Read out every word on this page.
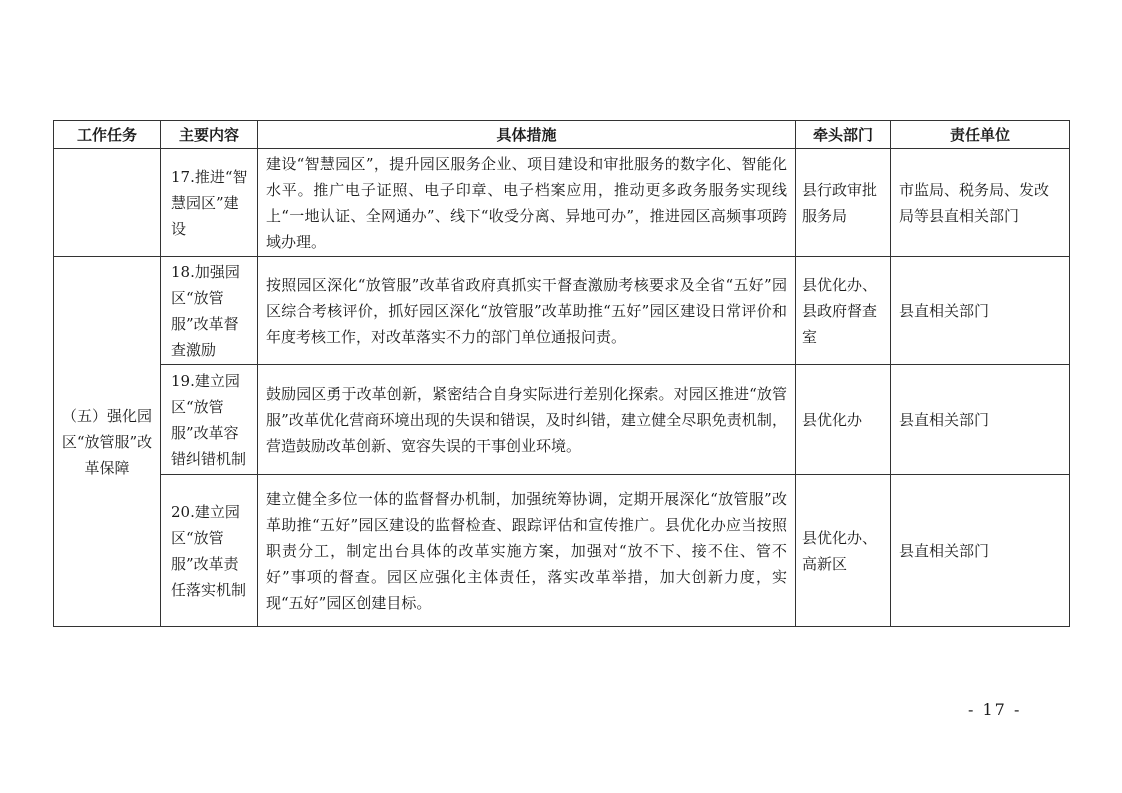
工作任务	主要内容	具体措施	牵头部门	责任单位
	17.推进“智慧园区”建设	建设“智慧园区”，提升园区服务企业、项目建设和审批服务的数字化、智能化水平。推广电子证照、电子印章、电子档案应用，推动更多政务服务实现线上“一地认证、全网通办”、线下“收受分离、异地可办”，推进园区高频事项跨域办理。	县行政审批服务局	市监局、税务局、发改局等县直相关部门
（五）强化园区“放管服”改革保障	18.加强园区“放管服”改革督查激励	按照园区深化“放管服”改革省政府真抓实干督查激励考核要求及全省“五好”园区综合考核评价，抓好园区深化“放管服”改革助推“五好”园区建设日常评价和年度考核工作，对改革落实不力的部门单位通报问责。	县优化办、县政府督查室	县直相关部门
	19.建立园区“放管服”改革容错纠错机制	鼓励园区勇于改革创新，紧密结合自身实际进行差别化探索。对园区推进“放管服”改革优化营商环境出现的失误和错误，及时纠错，建立健全尽职免责机制，营造鼓励改革创新、宽容失误的干事创业环境。	县优化办	县直相关部门
	20.建立园区“放管服”改革责任落实机制	建立健全多位一体的监督督办机制，加强统筹协调，定期开展深化“放管服”改革助推“五好”园区建设的监督检查、跟踪评估和宣传推广。县优化办应当按照职责分工，制定出台具体的改革实施方案，加强对“放不下、接不住、管不好”事项的督查。园区应强化主体责任，落实改革举措，加大创新力度，实现“五好”园区创建目标。	县优化办、高新区	县直相关部门
- 17 -
